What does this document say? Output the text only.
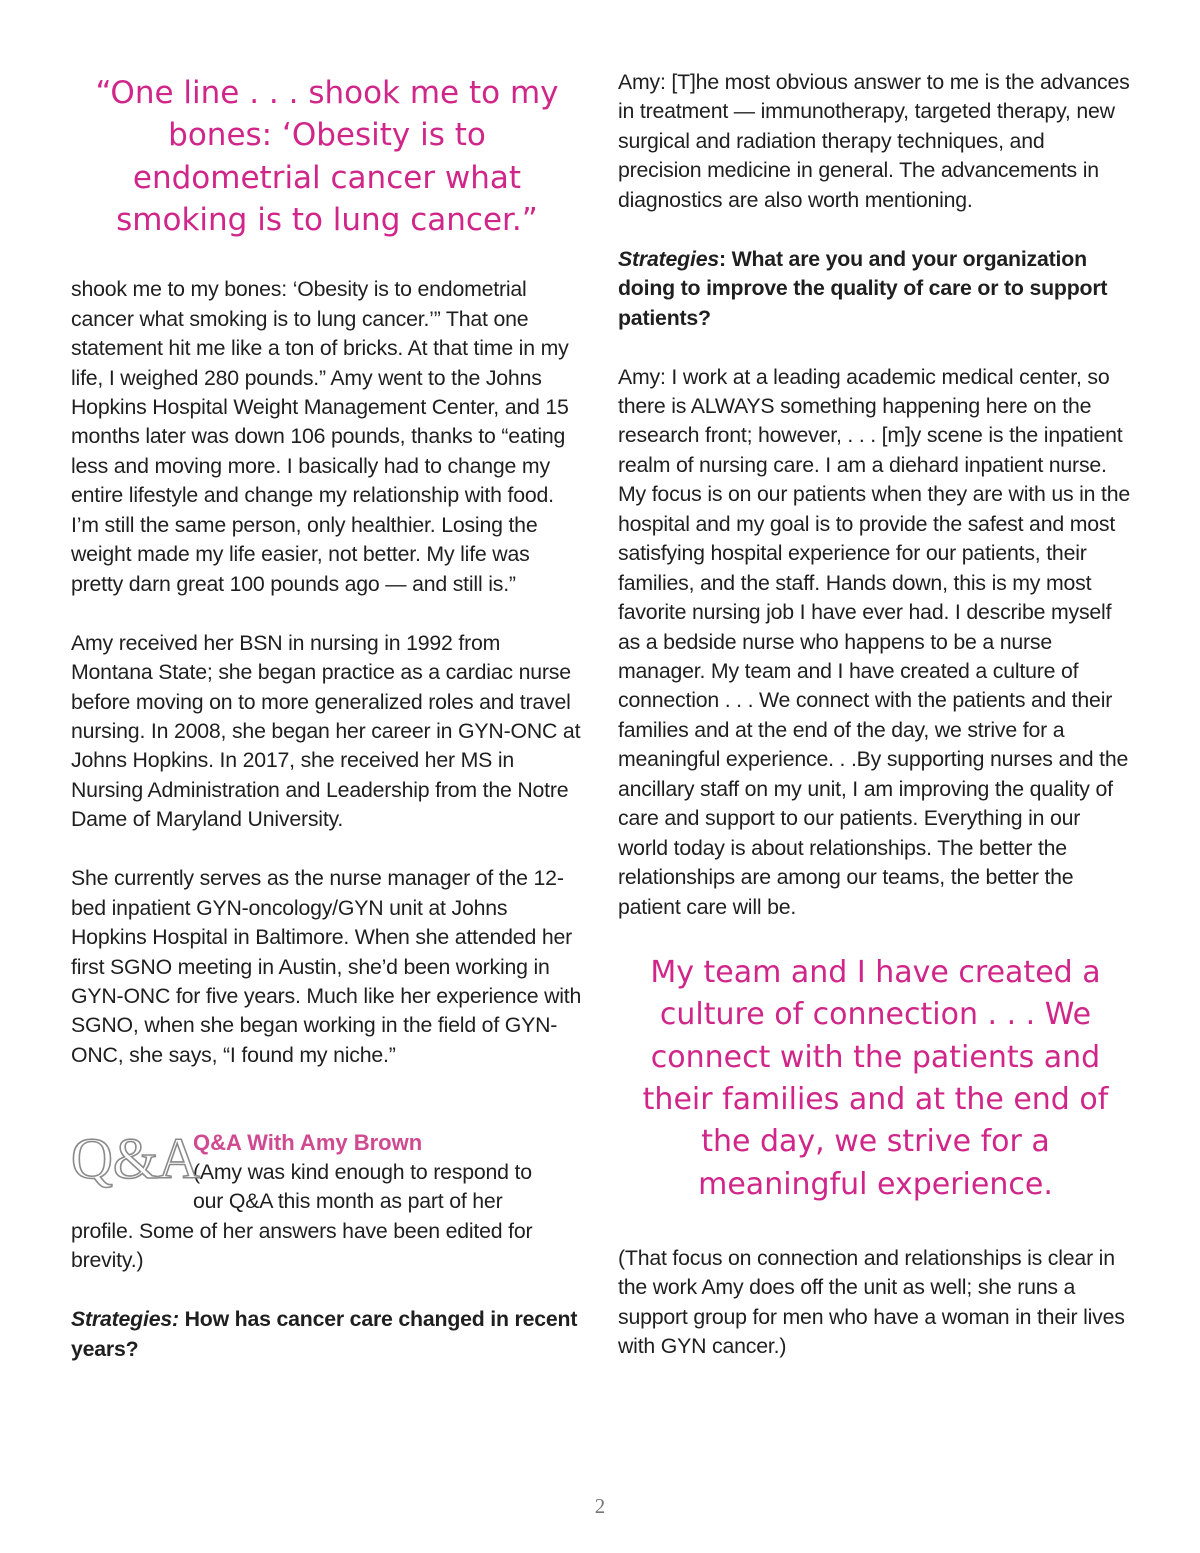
“One line . . . shook me to my bones: ‘Obesity is to endometrial cancer what smoking is to lung cancer.”

shook me to my bones: ‘Obesity is to endometrial cancer what smoking is to lung cancer.’” That one statement hit me like a ton of bricks. At that time in my life, I weighed 280 pounds.” Amy went to the Johns Hopkins Hospital Weight Management Center, and 15 months later was down 106 pounds, thanks to “eating less and moving more. I basically had to change my entire lifestyle and change my relationship with food. I’m still the same person, only healthier. Losing the weight made my life easier, not better. My life was pretty darn great 100 pounds ago — and still is.”

Amy received her BSN in nursing in 1992 from Montana State; she began practice as a cardiac nurse before moving on to more generalized roles and travel nursing. In 2008, she began her career in GYN-ONC at Johns Hopkins. In 2017, she received her MS in Nursing Administration and Leadership from the Notre Dame of Maryland University.

She currently serves as the nurse manager of the 12-bed inpatient GYN-oncology/GYN unit at Johns Hopkins Hospital in Baltimore. When she attended her first SGNO meeting in Austin, she’d been working in GYN-ONC for five years. Much like her experience with SGNO, when she began working in the field of GYN-ONC, she says, “I found my niche.”

Q&A
Q&A With Amy Brown

(Amy was kind enough to respond to
our Q&A this month as part of her
profile. Some of her answers have been edited for brevity.)

Strategies: How has cancer care changed in recent years?

Amy: [T]he most obvious answer to me is the advances in treatment — immunotherapy, targeted therapy, new surgical and radiation therapy techniques, and precision medicine in general. The advancements in diagnostics are also worth mentioning.

Strategies: What are you and your organization doing to improve the quality of care or to support patients?

Amy: I work at a leading academic medical center, so there is ALWAYS something happening here on the research front; however, . . . [m]y scene is the inpatient realm of nursing care. I am a diehard inpatient nurse. My focus is on our patients when they are with us in the hospital and my goal is to provide the safest and most satisfying hospital experience for our patients, their families, and the staff. Hands down, this is my most favorite nursing job I have ever had. I describe myself as a bedside nurse who happens to be a nurse manager. My team and I have created a culture of connection . . . We connect with the patients and their families and at the end of the day, we strive for a meaningful experience. . .By supporting nurses and the ancillary staff on my unit, I am improving the quality of care and support to our patients. Everything in our world today is about relationships. The better the relationships are among our teams, the better the patient care will be.

My team and I have created a culture of connection . . . We connect with the patients and their families and at the end of the day, we strive for a meaningful experience.

(That focus on connection and relationships is clear in the work Amy does off the unit as well; she runs a support group for men who have a woman in their lives with GYN cancer.)

2
